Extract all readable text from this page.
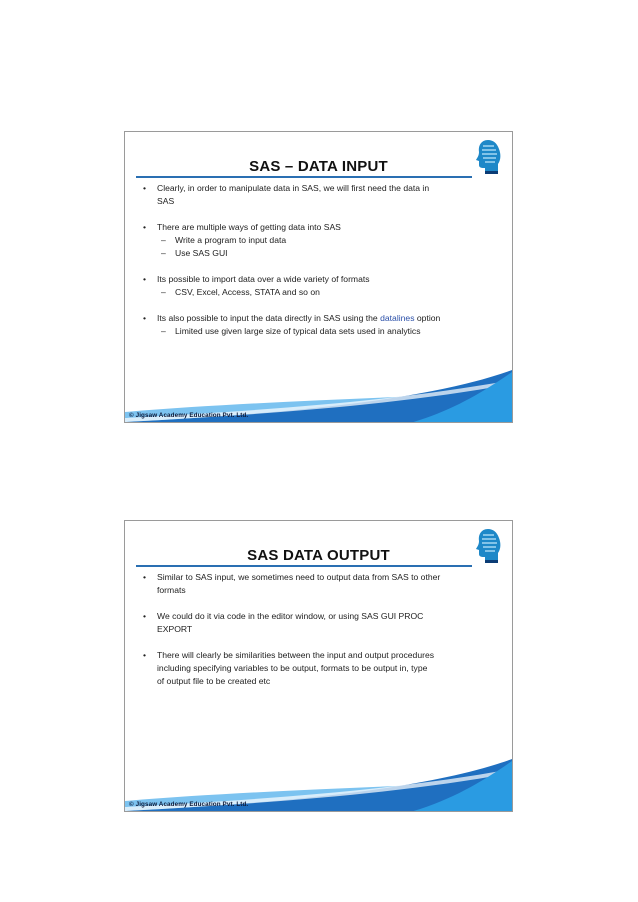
SAS – DATA INPUT
• Clearly, in order to manipulate data in SAS, we will first need the data in
SAS
• There are multiple ways of getting data into SAS
– Write a program to input data
– Use SAS GUI
• Its possible to import data over a wide variety of formats
– CSV, Excel, Access, STATA and so on
• Its also possible to input the data directly in SAS using the datalines option
– Limited use given large size of typical data sets used in analytics
© Jigsaw Academy Education Pvt. Ltd.
SAS DATA OUTPUT
• Similar to SAS input, we sometimes need to output data from SAS to other
formats
• We could do it via code in the editor window, or using SAS GUI PROC
EXPORT
• There will clearly be similarities between the input and output procedures
including specifying variables to be output, formats to be output in, type
of output file to be created etc
© Jigsaw Academy Education Pvt. Ltd.
